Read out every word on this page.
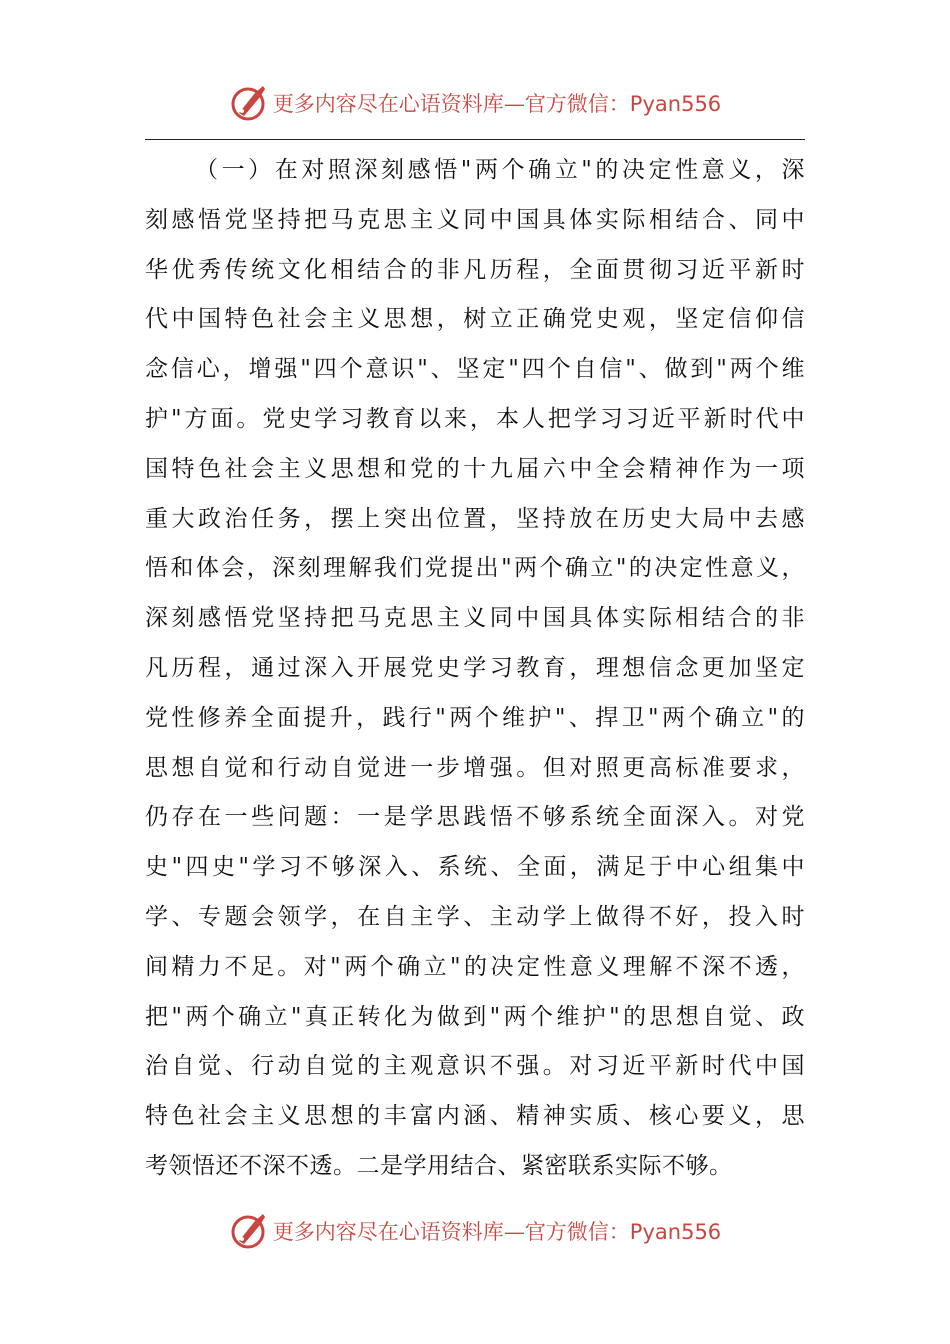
更多内容尽在心语资料库—官方微信：Pyan556
（一）在对照深刻感悟"两个确立"的决定性意义，深
刻感悟党坚持把马克思主义同中国具体实际相结合、同中
华优秀传统文化相结合的非凡历程，全面贯彻习近平新时
代中国特色社会主义思想，树立正确党史观，坚定信仰信
念信心，增强"四个意识"、坚定"四个自信"、做到"两个维
护"方面。党史学习教育以来，本人把学习习近平新时代中
国特色社会主义思想和党的十九届六中全会精神作为一项
重大政治任务，摆上突出位置，坚持放在历史大局中去感
悟和体会，深刻理解我们党提出"两个确立"的决定性意义，
深刻感悟党坚持把马克思主义同中国具体实际相结合的非
凡历程，通过深入开展党史学习教育，理想信念更加坚定
党性修养全面提升，践行"两个维护"、捍卫"两个确立"的
思想自觉和行动自觉进一步增强。但对照更高标准要求，
仍存在一些问题：一是学思践悟不够系统全面深入。对党
史"四史"学习不够深入、系统、全面，满足于中心组集中
学、专题会领学，在自主学、主动学上做得不好，投入时
间精力不足。对"两个确立"的决定性意义理解不深不透，
把"两个确立"真正转化为做到"两个维护"的思想自觉、政
治自觉、行动自觉的主观意识不强。对习近平新时代中国
特色社会主义思想的丰富内涵、精神实质、核心要义，思
考领悟还不深不透。二是学用结合、紧密联系实际不够。
更多内容尽在心语资料库—官方微信：Pyan556
